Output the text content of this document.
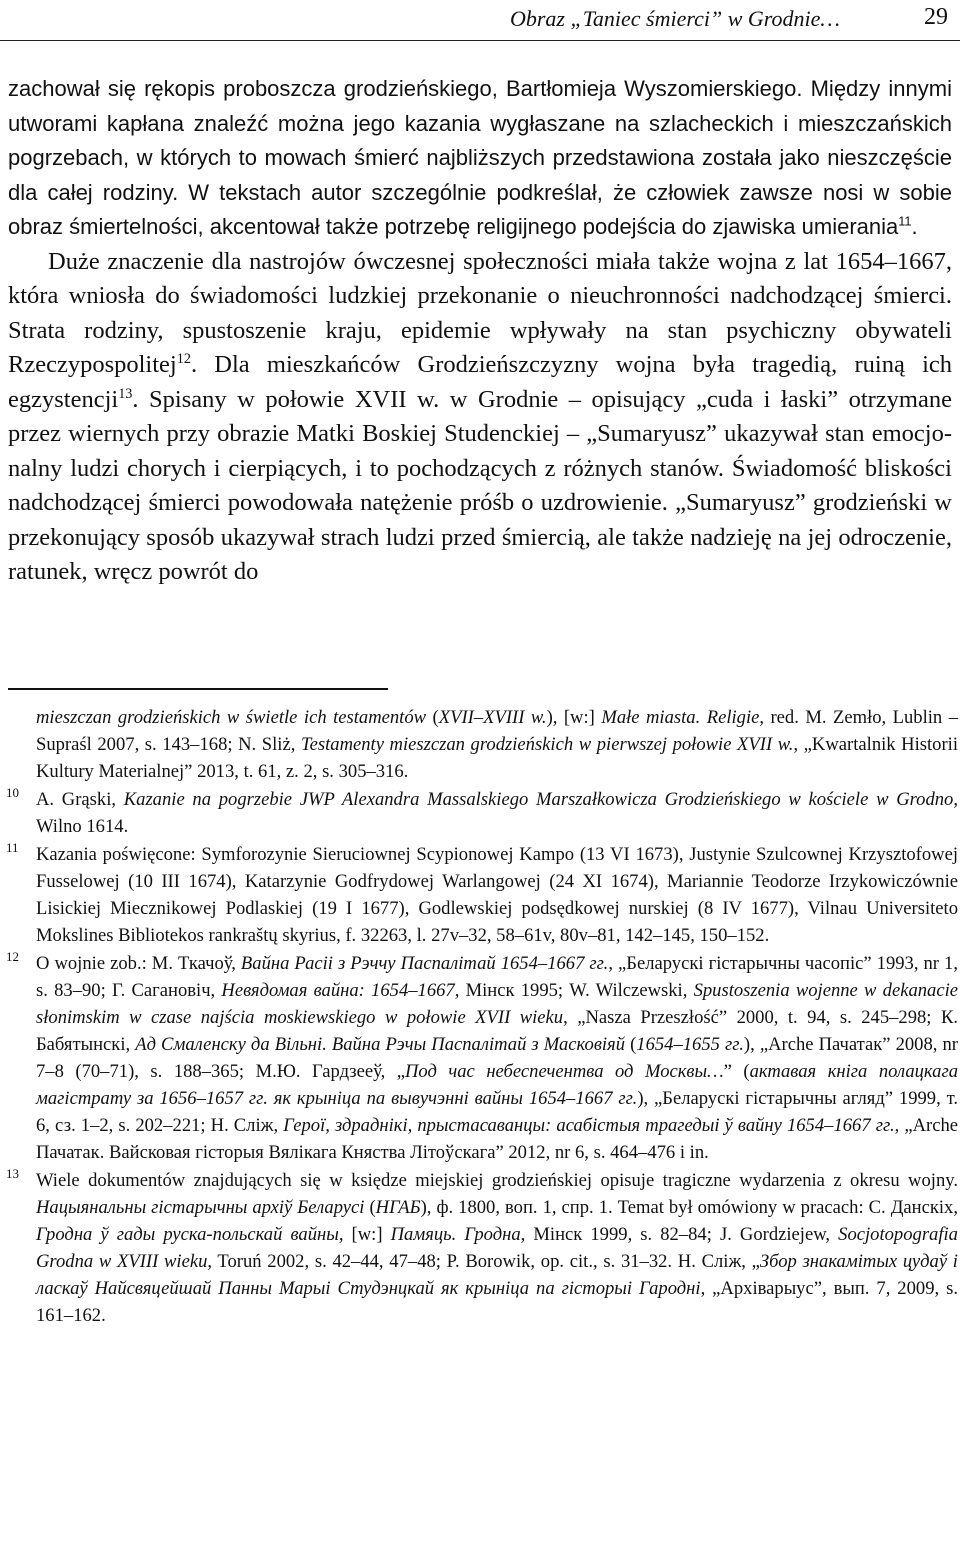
Obraz „Taniec śmierci” w Grodnie…	29

zachował się rękopis proboszcza grodzieńskiego, Bartłomieja Wyszomierskiego. Między innymi utworami kapłana znaleźć można jego kazania wygłaszane na szlacheckich i mieszczańskich pogrzebach, w których to mowach śmierć najbliższych przedstawiona została jako nieszczęście dla całej rodziny. W tekstach autor szczególnie podkreślał, że człowiek zawsze nosi w sobie obraz śmiertelności, akcentował także potrzebę religijnego podejścia do zjawiska umierania$^{11}$.

Duże znaczenie dla nastrojów ówczesnej społeczności miała także wojna z lat 1654–1667, która wniosła do świadomości ludzkiej przekonanie o nieuchronności nadchodzącej śmierci. Strata rodziny, spustoszenie kraju, epidemie wpływały na stan psychiczny obywateli Rzeczypospolitej$^{12}$. Dla mieszkańców Grodzieńszczyzny wojna była tragedią, ruiną ich egzystencji$^{13}$. Spisany w połowie XVII w. w Grodnie – opisujący „cuda i łaski” otrzymane przez wiernych przy obrazie Matki Boskiej Studenckiej – „Sumaryusz” ukazywał stan emocjonalny ludzi chorych i cierpiących, i to pochodzących z różnych stanów. Świadomość bliskości nadchodzącej śmierci powodowała natężenie próśb o uzdrowienie. „Sumaryusz” grodzieński w przekonujący sposób ukazywał strach ludzi przed śmiercią, ale także nadzieję na jej odroczenie, ratunek, wręcz powrót do

mieszczan grodzieńskich w świetle ich testamentów (XVII–XVIII w.), [w:] Małe miasta. Religie, red. M. Zemło, Lublin – Supraśl 2007, s. 143–168; N. Sliż, Testamenty mieszczan grodzieńskich w pierwszej połowie XVII w., „Kwartalnik Historii Kultury Materialnej” 2013, t. 61, z. 2, s. 305–316.
10 A. Grąski, Kazanie na pogrzebie JWP Alexandra Massalskiego Marszałkowicza Grodzieńskiego w kościele w Grodno, Wilno 1614.
11 Kazania poświęcone: Symforozynie Sieruciownej Scypionowej Kampo (13 VI 1673), Justynie Szulcownej Krzysztofowej Fusselowej (10 III 1674), Katarzynie Godfrydowej Warlangowej (24 XI 1674), Mariannie Teodorze Irzykowiczównie Lisickiej Miecznikowej Podlaskiej (19 I 1677), Godlewskiej podsędkowej nurskiej (8 IV 1677), Vilnau Universiteto Mokslines Bibliotekos rankraštų skyrius, f. 32263, l. 27v–32, 58–61v, 80v–81, 142–145, 150–152.
12 O wojnie zob.: M. Ткачоў, Вайна Расii з Рэччу Паспалiтай 1654–1667 гг., „Беларускі гістарычны часопіс” 1993, nr 1, s. 83–90; Г. Сагановіч, Невядомая вайна: 1654–1667, Мінск 1995; W. Wilczewski, Spustoszenia wojenne w dekanacie słonimskim w czase najścia moskiewskiego w połowie XVII wieku, „Nasza Przeszłość” 2000, t. 94, s. 245–298; К. Бабятынскі, Ад Смаленску да Вільні. Вайна Рэчы Паспалітай з Масковіяй (1654–1655 гг.), „Arche Пачатак” 2008, nr 7–8 (70–71), s. 188–365; М.Ю. Гардзееў, „Под час небеспечентва од Москвы…” (актавая кніга полацкага магістрату за 1656–1657 гг. як крыніца па вывучэнні вайны 1654–1667 гг.), „Беларускі гістарычны агляд” 1999, т. 6, сз. 1–2, s. 202–221; Н. Сліж, Герої, здраднікі, прыстасаванцы: асабістыя трагедыі ў вайну 1654–1667 гг., „Arche Пачатак. Вайсковая гісторыя Вялікага Княства Літоўскага” 2012, nr 6, s. 464–476 i in.
13 Wiele dokumentów znajdujących się w księdze miejskiej grodzieńskiej opisuje tragiczne wydarzenia z okresu wojny. Нацыянальны гістарычны архіў Беларусі (НГАБ), ф. 1800, воп. 1, спр. 1. Temat był omówiony w pracach: С. Данскіх, Гродна ў гады руска-польскай вайны, [w:] Памяць. Гродна, Мінск 1999, s. 82–84; J. Gordziejew, Socjotopografia Grodna w XVIII wieku, Toruń 2002, s. 42–44, 47–48; P. Borowik, op. cit., s. 31–32. Н. Сліж, „Збор знакамітых цудаў і ласкаў Найсвяцейшай Панны Марыі Студэнцкай як крыніца па гісторыі Гародні, „Архіварыус”, вып. 7, 2009, s. 161–162.
